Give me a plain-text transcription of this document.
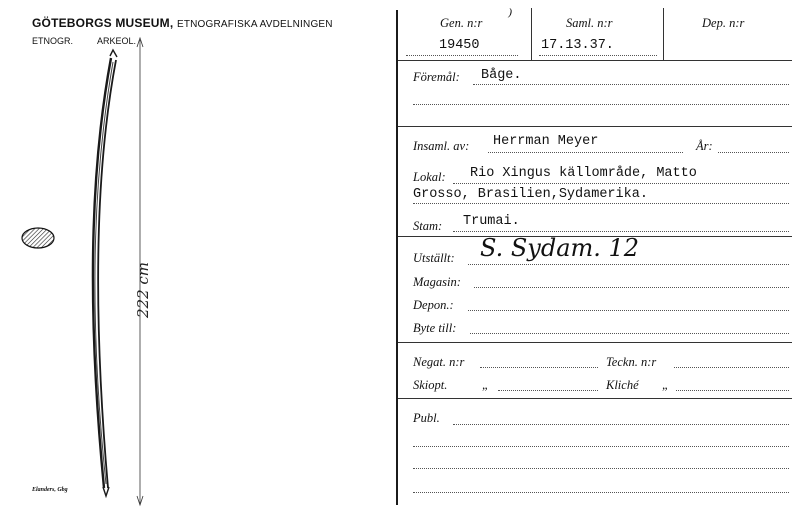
GÖTEBORGS MUSEUM, ETNOGRAFISKA AVDELNINGEN
ETNOGR.	ARKEOL.
222 cm
Elanders, Gbg
Gen. n:r ⁾
19450
Saml. n:r
17.13.37.
Dep. n:r
Föremål: Båge.
Insaml. av: Herrman Meyer	År:
Lokal: Rio Xingus källområde, Matto
Grosso, Brasilien,Sydamerika.
Stam: Trumai.
Utställt: S. Sydam. 12
Magasin:
Depon.:
Byte till:
Negat. n:r	Teckn. n:r
Skiopt.	„	Kliché „
Publ.
